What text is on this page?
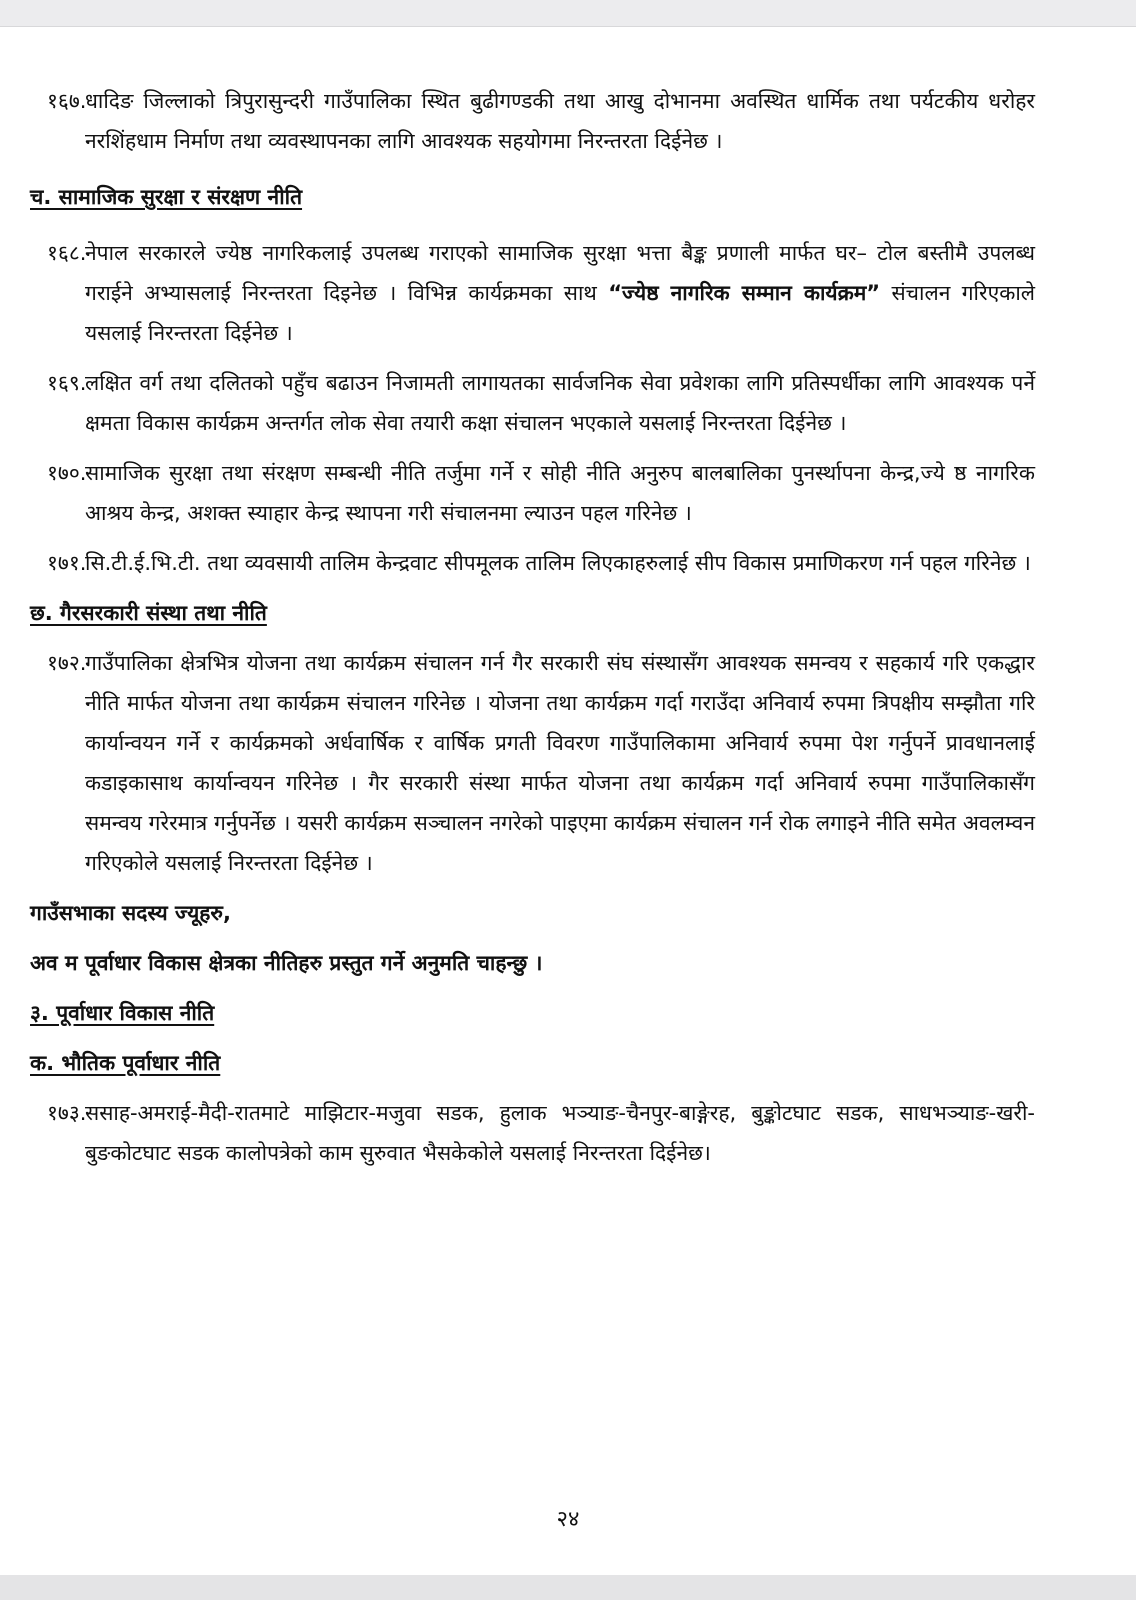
१६७.
धादिङ जिल्लाको त्रिपुरासुन्दरी गाउँपालिका स्थित बुढीगण्डकी तथा आखु दोभानमा अवस्थित धार्मिक तथा पर्यटकीय धरोहर नरशिंहधाम निर्माण तथा व्यवस्थापनका लागि आवश्यक सहयोगमा निरन्तरता दिईनेछ ।

च. सामाजिक सुरक्षा र संरक्षण नीति

१६८.
नेपाल सरकारले ज्येष्ठ नागरिकलाई उपलब्ध गराएको सामाजिक सुरक्षा भत्ता बैङ्क प्रणाली मार्फत घर– टोल बस्तीमै उपलब्ध गराईने अभ्यासलाई निरन्तरता दिइनेछ । विभिन्न कार्यक्रमका साथ “ज्येष्ठ नागरिक सम्मान कार्यक्रम” संचालन गरिएकाले यसलाई निरन्तरता दिईनेछ ।

१६९.
लक्षित वर्ग तथा दलितको पहुँच बढाउन निजामती लागायतका सार्वजनिक सेवा प्रवेशका लागि प्रतिस्पर्धीका लागि आवश्यक पर्ने क्षमता विकास कार्यक्रम अन्तर्गत लोक सेवा तयारी कक्षा संचालन भएकाले यसलाई निरन्तरता दिईनेछ ।

१७०.
सामाजिक सुरक्षा तथा संरक्षण सम्बन्धी नीति तर्जुमा गर्ने र सोही नीति अनुरुप बालबालिका पुनर्स्थापना केन्द्र,ज्ये ष्ठ नागरिक आश्रय केन्द्र, अशक्त स्याहार केन्द्र स्थापना गरी संचालनमा ल्याउन पहल गरिनेछ ।

१७१.
सि.टी.ई.भि.टी. तथा व्यवसायी तालिम केन्द्रवाट सीपमूलक तालिम लिएकाहरुलाई सीप विकास प्रमाणिकरण गर्न पहल गरिनेछ ।

छ. गैरसरकारी संस्था तथा नीति

१७२.
गाउँपालिका क्षेत्रभित्र योजना तथा कार्यक्रम संचालन गर्न गैर सरकारी संघ संस्थासँग आवश्यक समन्वय र सहकार्य गरि एकद्धार नीति मार्फत योजना तथा कार्यक्रम संचालन गरिनेछ । योजना तथा कार्यक्रम गर्दा गराउँदा अनिवार्य रुपमा त्रिपक्षीय सम्झौता गरि कार्यान्वयन गर्ने र कार्यक्रमको अर्धवार्षिक र वार्षिक प्रगती विवरण गाउँपालिकामा अनिवार्य रुपमा पेश गर्नुपर्ने प्रावधानलाई कडाइकासाथ कार्यान्वयन गरिनेछ । गैर सरकारी संस्था मार्फत योजना तथा कार्यक्रम गर्दा अनिवार्य रुपमा गाउँपालिकासँग समन्वय गरेरमात्र गर्नुपर्नेछ । यसरी कार्यक्रम सञ्चालन नगरेको पाइएमा कार्यक्रम संचालन गर्न रोक लगाइने नीति समेत अवलम्वन गरिएकोले यसलाई निरन्तरता दिईनेछ ।

गाउँसभाका सदस्य ज्यूहरु,

अव म पूर्वाधार विकास क्षेत्रका नीतिहरु प्रस्तुत गर्ने अनुमति चाहन्छु ।

३. पूर्वाधार विकास नीति

क. भौतिक पूर्वाधार नीति

१७३.
ससाह-अमराई-मैदी-रातमाटे माझिटार-मजुवा सडक, हुलाक भञ्याङ-चैनपुर-बाङ्गेरह, बुङ्कोटघाट सडक, साधभञ्याङ-खरी-बुङकोटघाट सडक कालोपत्रेको काम सुरुवात भैसकेकोले यसलाई निरन्तरता दिईनेछ।

२४
